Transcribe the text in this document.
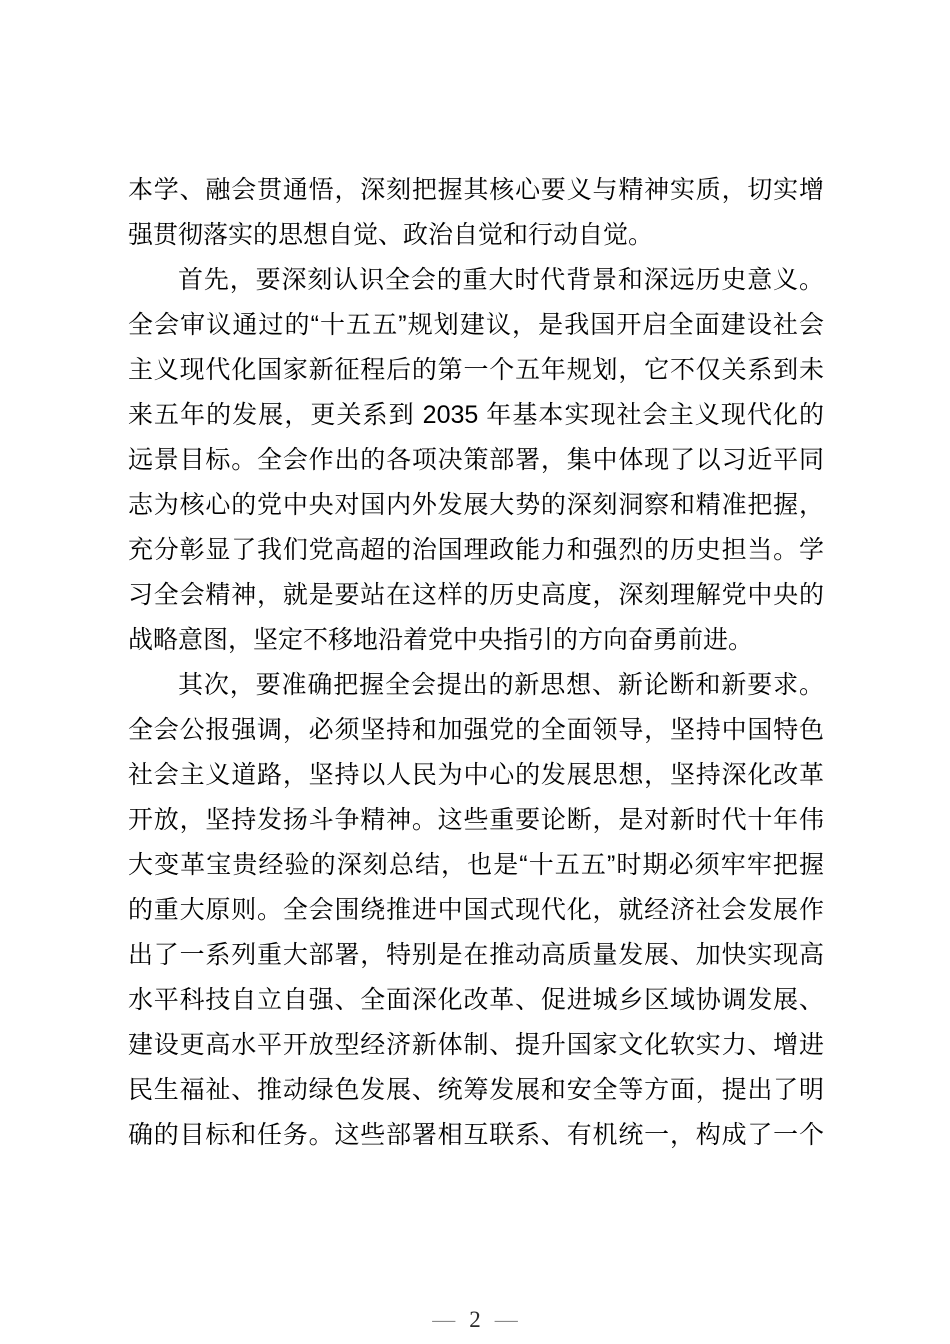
本学、融会贯通悟，深刻把握其核心要义与精神实质，切实增
强贯彻落实的思想自觉、政治自觉和行动自觉。
首先，要深刻认识全会的重大时代背景和深远历史意义。
全会审议通过的“十五五”规划建议，是我国开启全面建设社会
主义现代化国家新征程后的第一个五年规划，它不仅关系到未
来五年的发展，更关系到 2035 年基本实现社会主义现代化的
远景目标。全会作出的各项决策部署，集中体现了以习近平同
志为核心的党中央对国内外发展大势的深刻洞察和精准把握，
充分彰显了我们党高超的治国理政能力和强烈的历史担当。学
习全会精神，就是要站在这样的历史高度，深刻理解党中央的
战略意图，坚定不移地沿着党中央指引的方向奋勇前进。
其次，要准确把握全会提出的新思想、新论断和新要求。
全会公报强调，必须坚持和加强党的全面领导，坚持中国特色
社会主义道路，坚持以人民为中心的发展思想，坚持深化改革
开放，坚持发扬斗争精神。这些重要论断，是对新时代十年伟
大变革宝贵经验的深刻总结，也是“十五五”时期必须牢牢把握
的重大原则。全会围绕推进中国式现代化，就经济社会发展作
出了一系列重大部署，特别是在推动高质量发展、加快实现高
水平科技自立自强、全面深化改革、促进城乡区域协调发展、
建设更高水平开放型经济新体制、提升国家文化软实力、增进
民生福祉、推动绿色发展、统筹发展和安全等方面，提出了明
确的目标和任务。这些部署相互联系、有机统一，构成了一个
— 2 —
